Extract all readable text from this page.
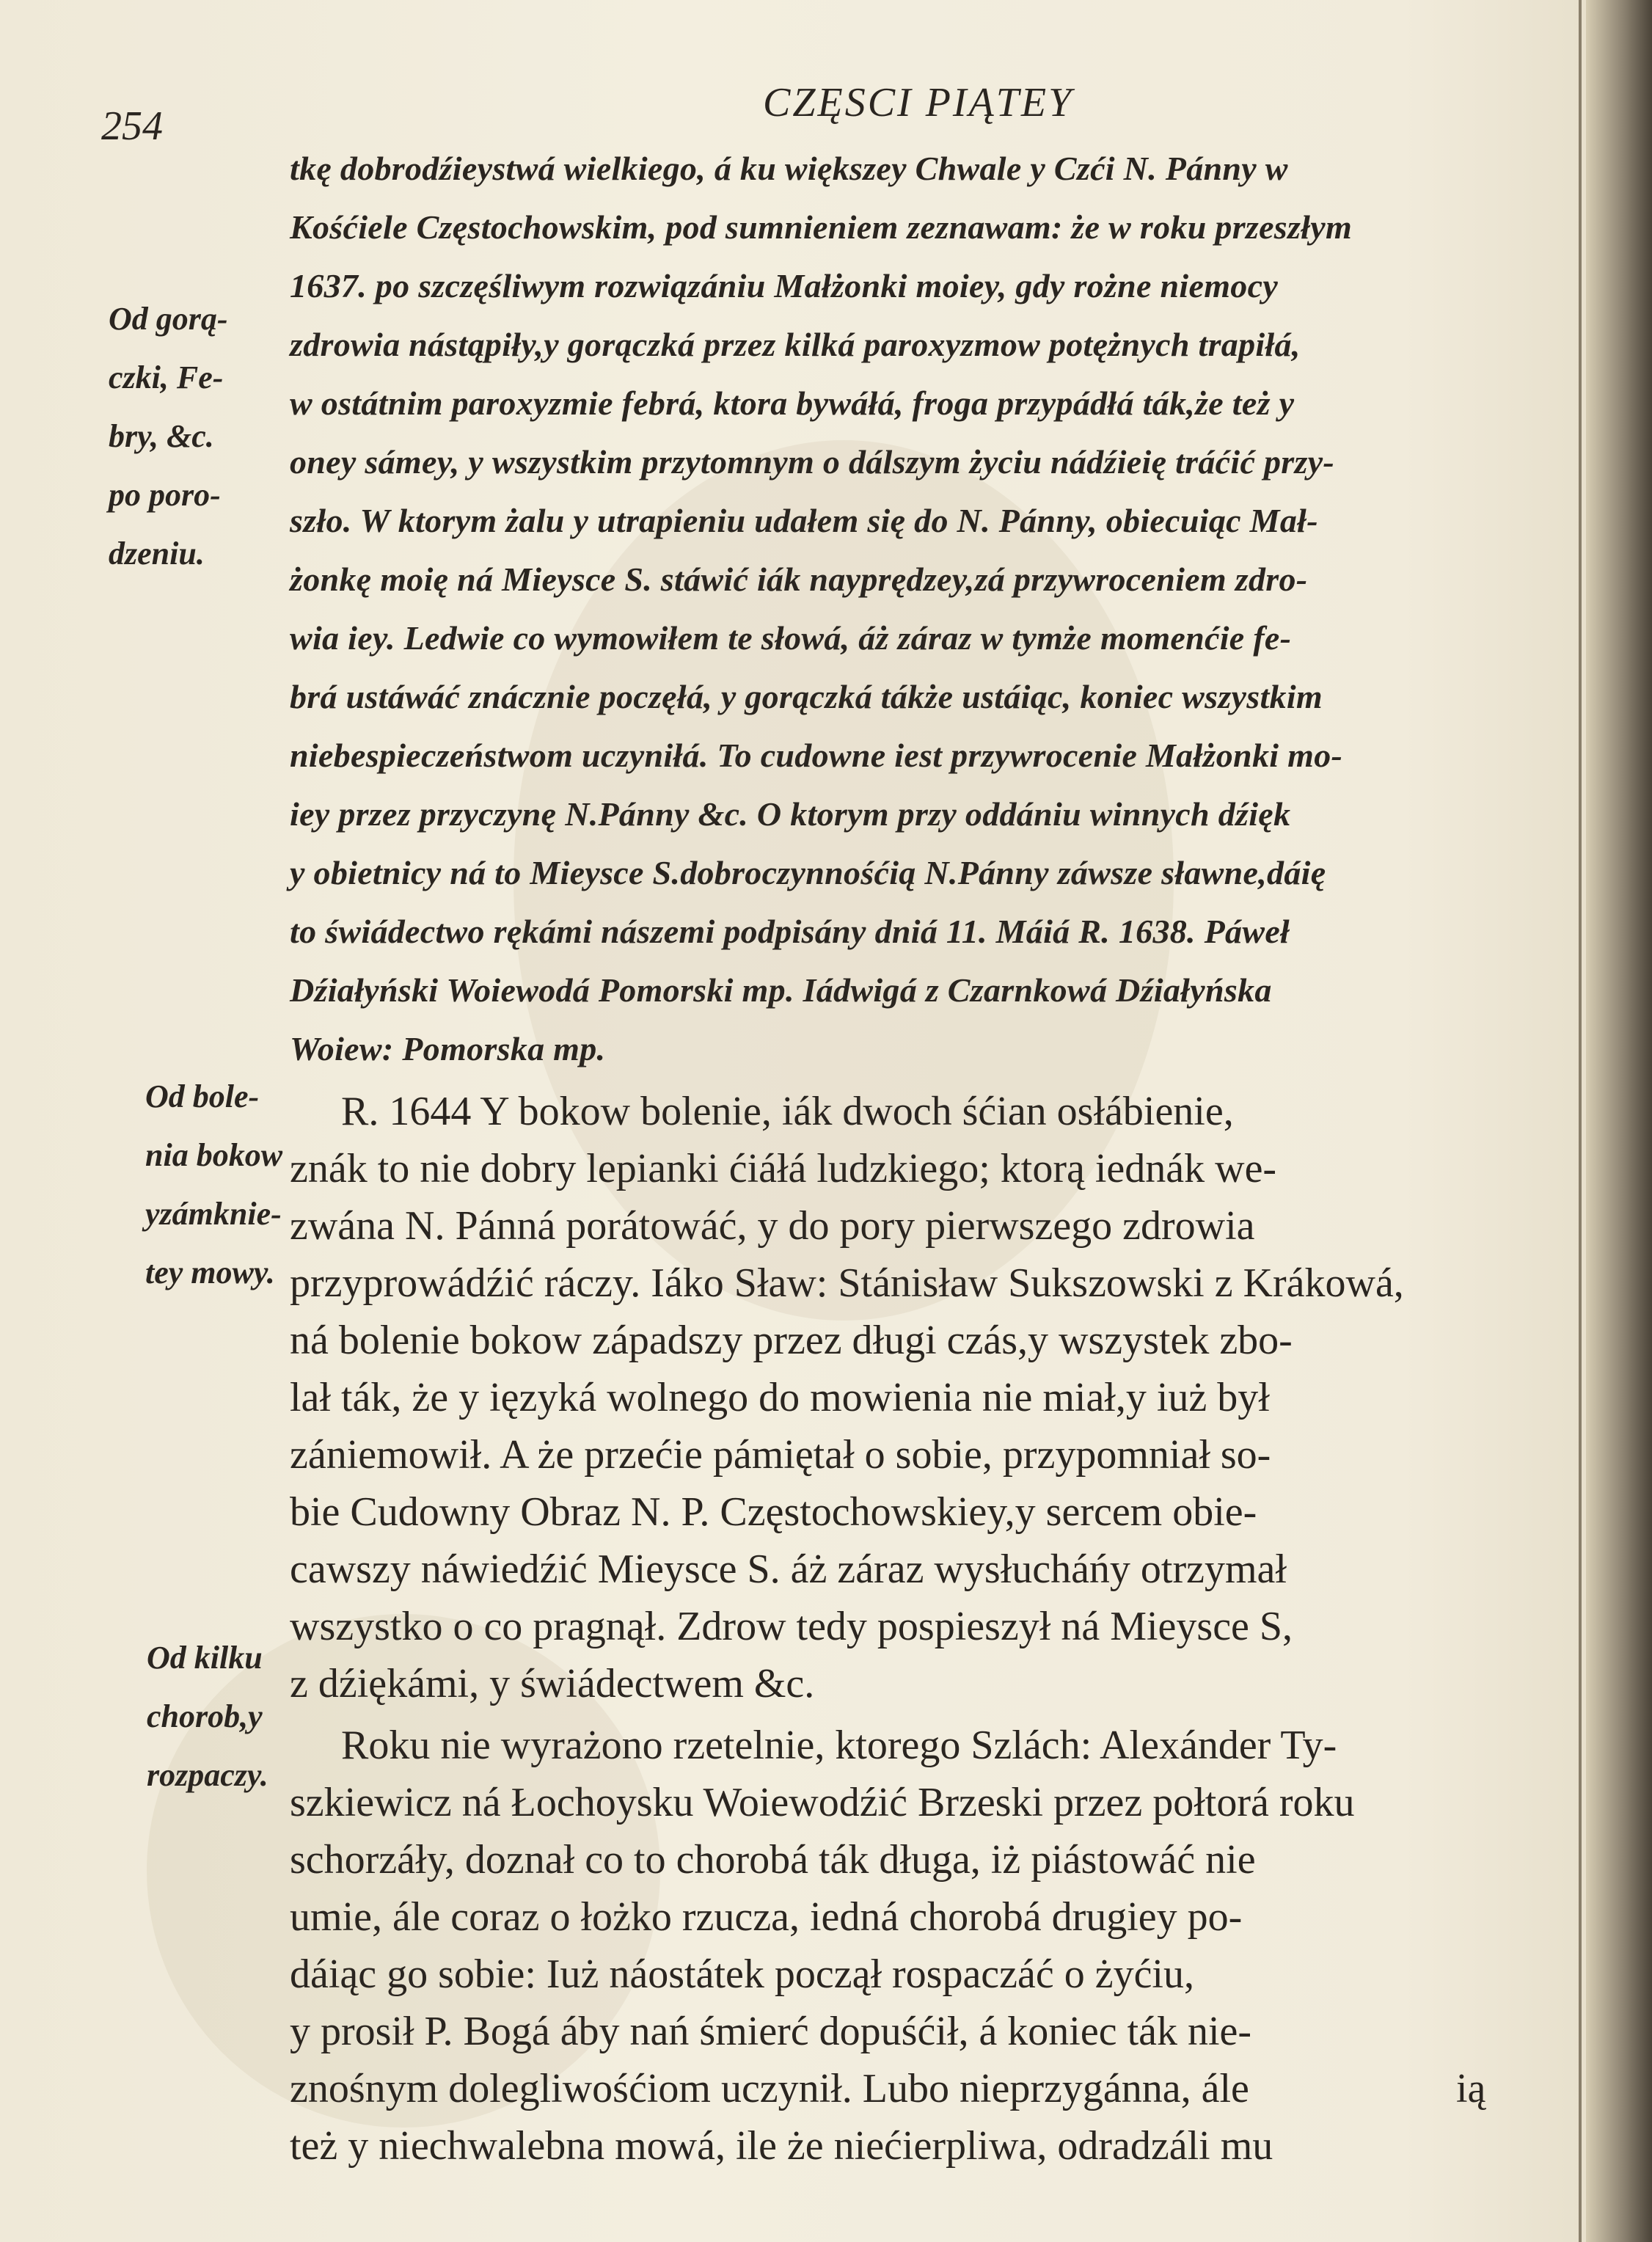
254
CZĘSCI PIĄTEY

Od gorą-

czki, Fe-

bry, &c.

po poro-

dzeniu.

Od bole-

nia bokow

yzámknie-

tey mowy.

Od kilku

chorob,y

rozpaczy.

tkę dobrodźieystwá wielkiego, á ku większey Chwale y Czći N. Pánny w

Kośćiele Częstochowskim, pod sumnieniem zeznawam: że w roku przeszłym

1637. po szczęśliwym rozwiązániu Małżonki moiey, gdy rożne niemocy

zdrowia nástąpiły,y gorączká przez kilká paroxyzmow potężnych trapiłá,

w ostátnim paroxyzmie febrá, ktora bywáłá, froga przypádłá ták,że też y

oney sámey, y wszystkim przytomnym o dálszym życiu nádźieię tráćić przy-

szło. W ktorym żalu y utrapieniu udałem się do N. Pánny, obiecuiąc Mał-

żonkę moię ná Mieysce S. stáwić iák nayprędzey,zá przywroceniem zdro-

wia iey. Ledwie co wymowiłem te słowá, áż záraz w tymże momenćie fe-

brá ustáwáć znácznie poczęłá, y gorączká tákże ustáiąc, koniec wszystkim

niebespieczeństwom uczyniłá. To cudowne iest przywrocenie Małżonki mo-

iey przez przyczynę N.Pánny &c. O ktorym przy oddániu winnych dźięk

y obietnicy ná to Mieysce S.dobroczynnośćią N.Pánny záwsze sławne,dáię

to świádectwo rękámi nászemi podpisány dniá 11. Máiá R. 1638. Páweł

Dźiałyński Woiewodá Pomorski mp. Iádwigá z Czarnkowá Dźiałyńska

Woiew: Pomorska mp.

R. 1644 Y bokow bolenie, iák dwoch śćian osłábienie,

znák to nie dobry lepianki ćiáłá ludzkiego; ktorą iednák we-

zwána N. Pánná porátowáć, y do pory pierwszego zdrowia

przyprowádźić ráczy. Iáko Sław: Stánisław Sukszowski z Krákowá,

ná bolenie bokow západszy przez długi czás,y wszystek zbo-

lał ták, że y ięzyká wolnego do mowienia nie miał,y iuż był

zániemowił. A że przećie pámiętał o sobie, przypomniał so-

bie Cudowny Obraz N. P. Częstochowskiey,y sercem obie-

cawszy náwiedźić Mieysce S. áż záraz wysłucháńy otrzymał

wszystko o co pragnął. Zdrow tedy pospieszył ná Mieysce S,

z dźiękámi, y świádectwem &c.

Roku nie wyrażono rzetelnie, ktorego Szlách: Alexánder Ty-

szkiewicz ná Łochoysku Woiewodźić Brzeski przez połtorá roku

schorzáły, doznał co to chorobá ták długa, iż piástowáć nie

umie, ále coraz o łożko rzucza, iedná chorobá drugiey po-

dáiąc go sobie: Iuż náostátek począł rospaczáć o żyćiu,

y prosił P. Bogá áby nań śmierć dopuśćił, á koniec ták nie-

znośnym dolegliwośćiom uczynił. Lubo nieprzygánna, ále

też y niechwalebna mowá, ile że niećierpliwa, odradzáli mu

ią
